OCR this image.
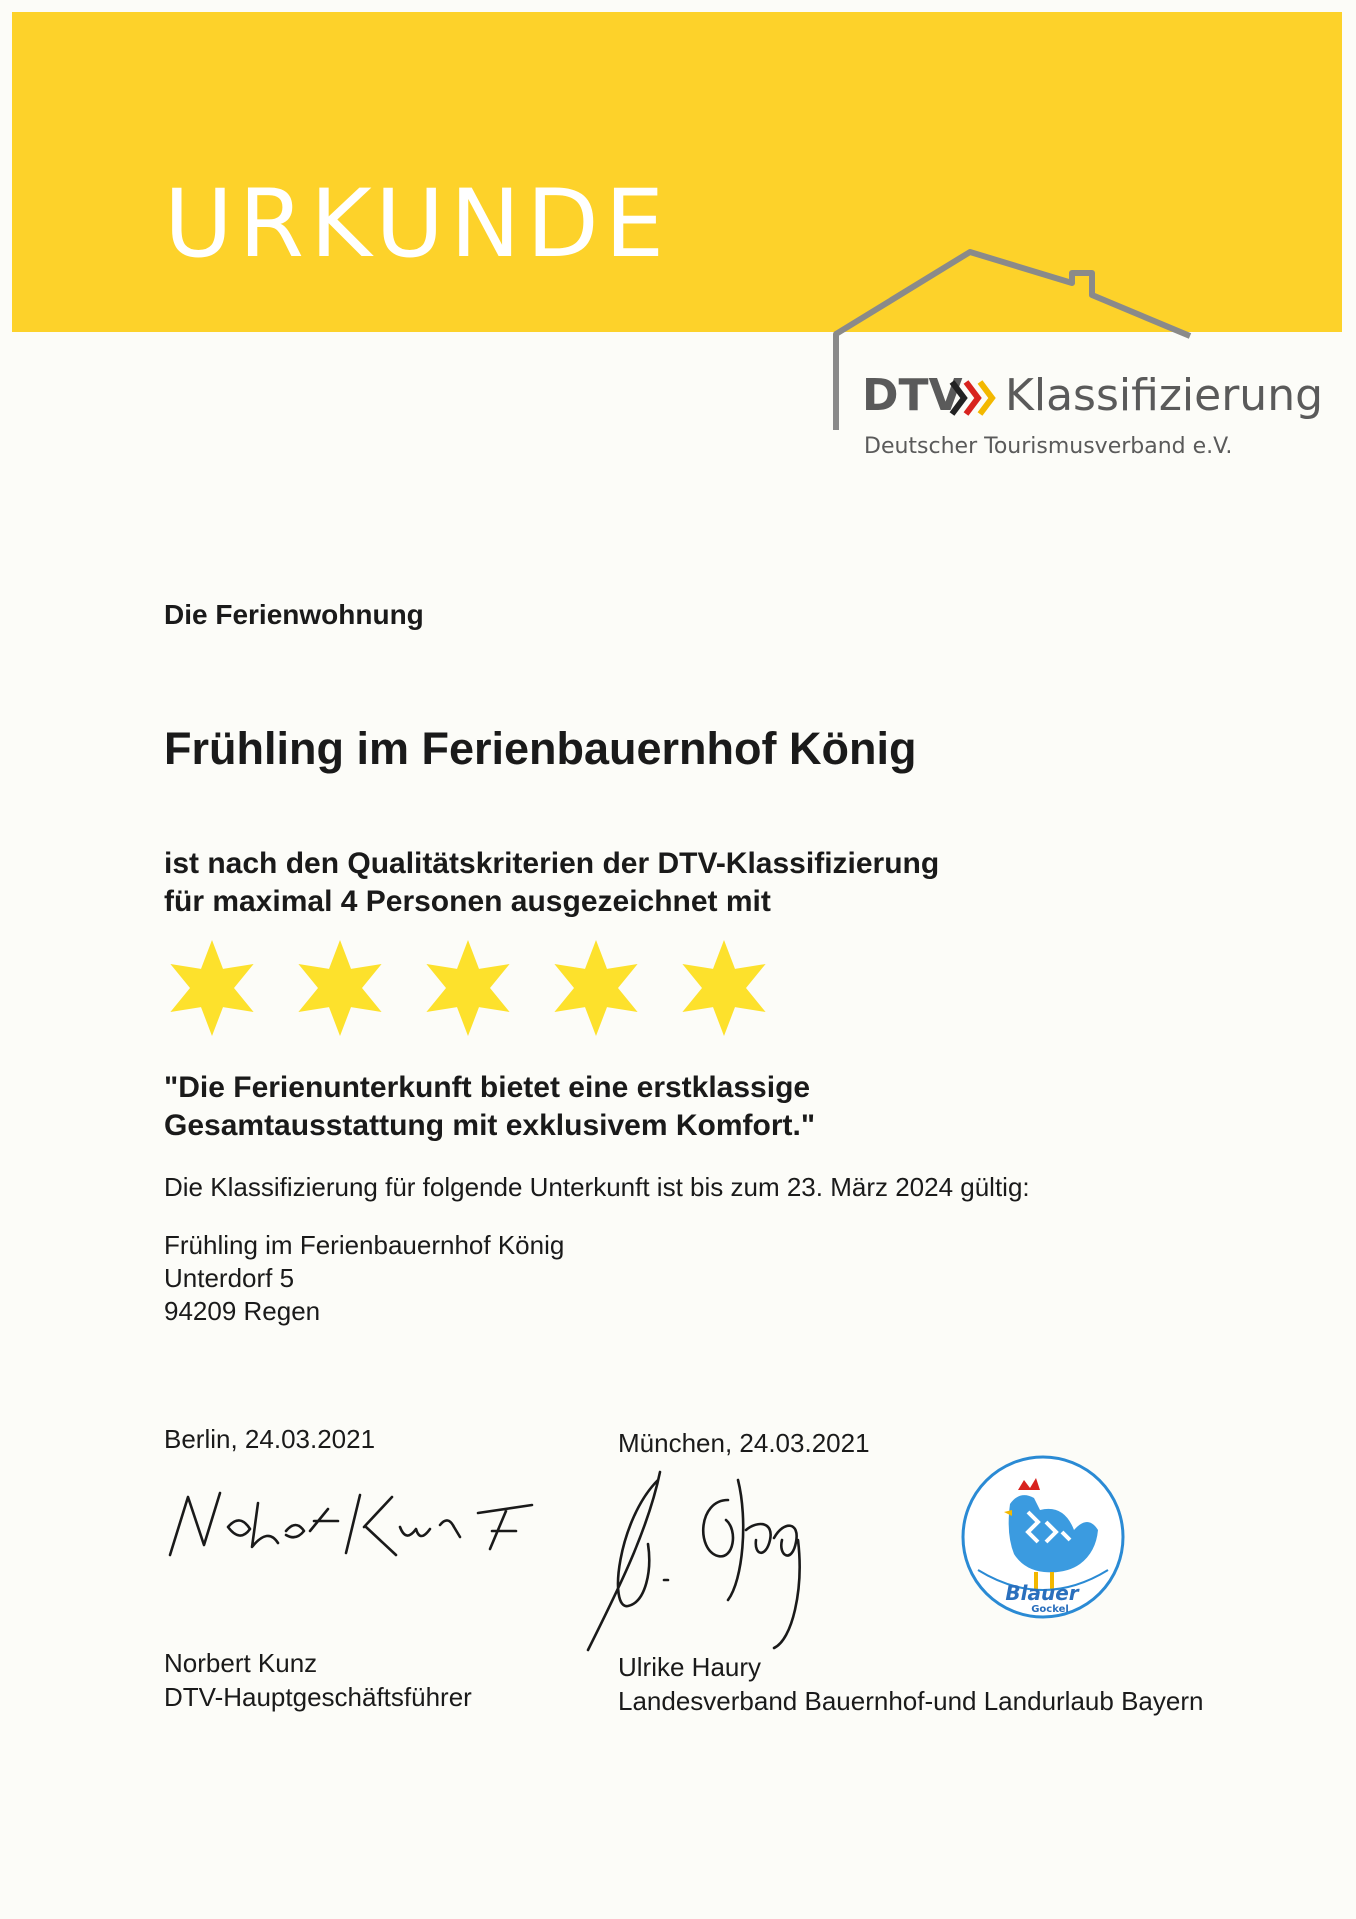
URKUNDE
DTV Klassifizierung
Deutscher Tourismusverband e.V.
Die Ferienwohnung
Frühling im Ferienbauernhof König
ist nach den Qualitätskriterien der DTV-Klassifizierung
für maximal 4 Personen ausgezeichnet mit
"Die Ferienunterkunft bietet eine erstklassige
Gesamtausstattung mit exklusivem Komfort."
Die Klassifizierung für folgende Unterkunft ist bis zum 23. März 2024 gültig:
Frühling im Ferienbauernhof König
Unterdorf 5
94209 Regen
Berlin, 24.03.2021	München, 24.03.2021
Blauer
Gockel
Norbert Kunz
DTV-Hauptgeschäftsführer
Ulrike Haury
Landesverband Bauernhof-und Landurlaub Bayern
